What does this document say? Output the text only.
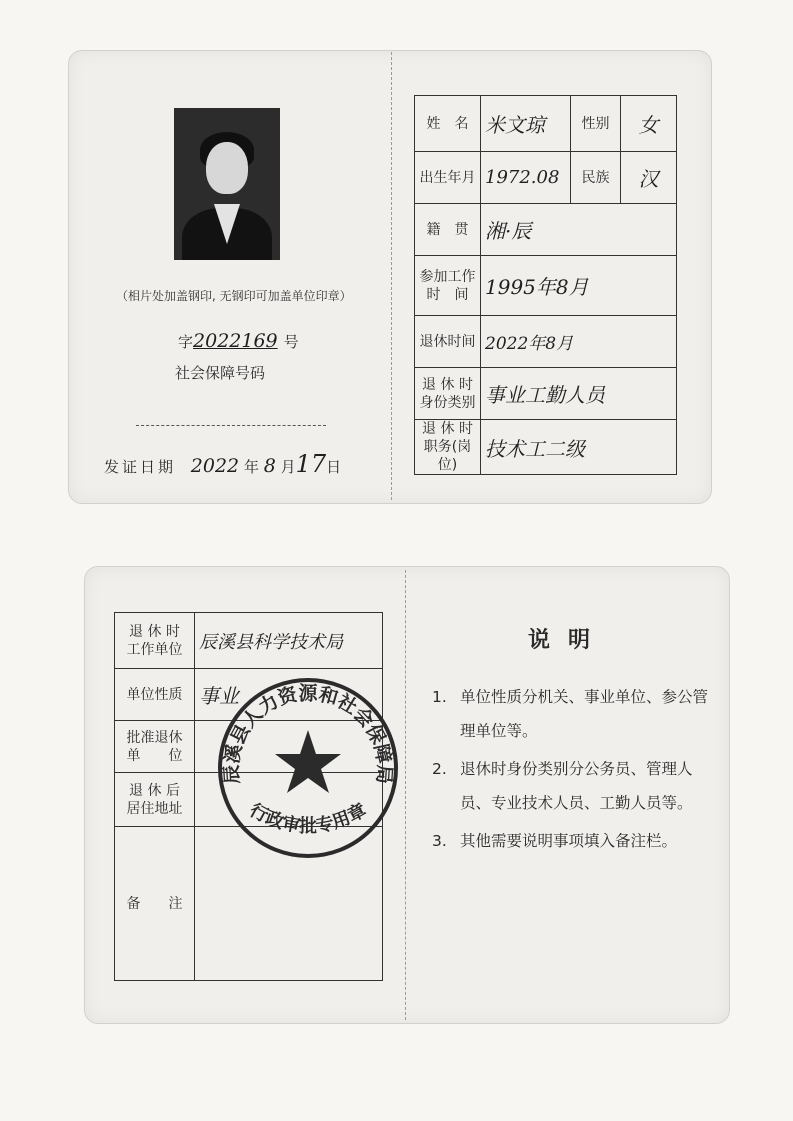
（相片处加盖钢印, 无钢印可加盖单位印章）
字2022169 号
社会保障号码
发证日期 2022 年 8 月17日
姓　名	米文琼	性别	女
出生年月	1972.08	民族	汉
籍　贯	湘·辰		

参加工作
时　间	1995年8月		
退休时间	2022年8月		

退 休 时
身份类别	事业工勤人员		

退 休 时
职务(岗位)	技术工二级		
退 休 时
工作单位	辰溪县科学技术局
单位性质	事业

批准退休
单　　位	

退 休 后
居住地址	

备　　注	
辰溪县人力资源和社会保障局
行政审批专用章
说明
1. 单位性质分机关、事业单位、参公管理单位等。
2. 退休时身份类别分公务员、管理人员、专业技术人员、工勤人员等。
3. 其他需要说明事项填入备注栏。
